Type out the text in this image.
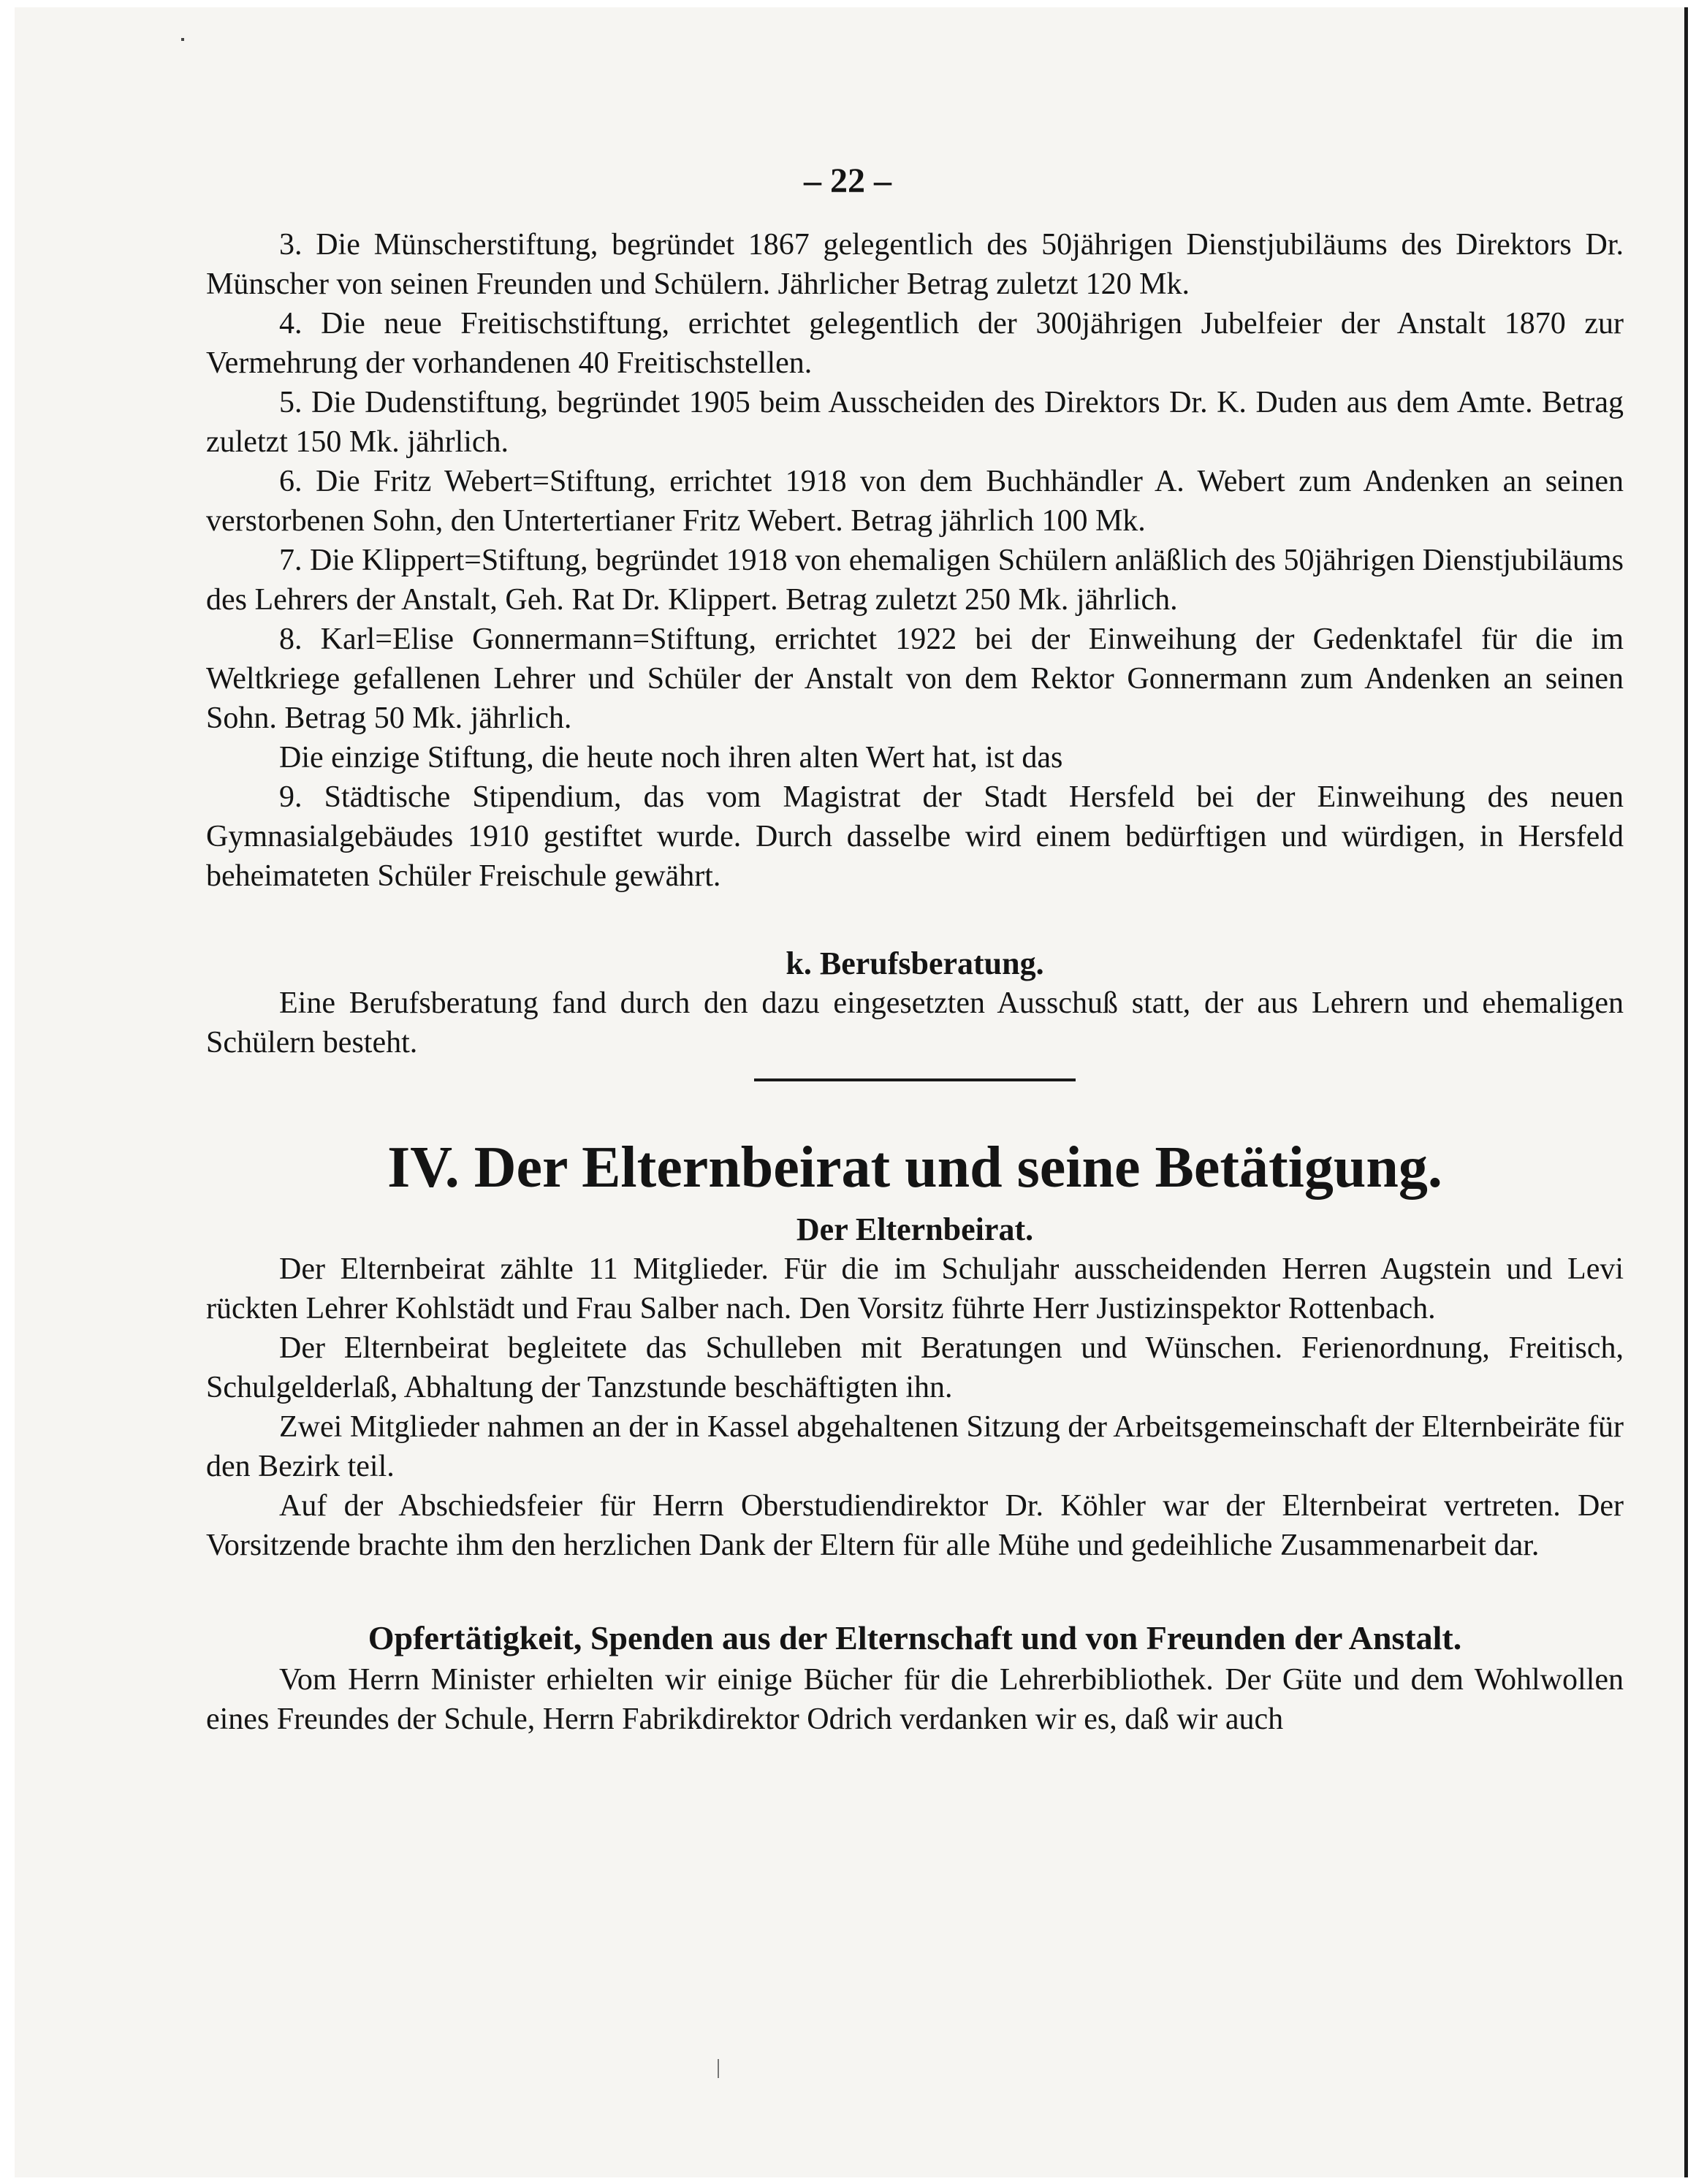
– 22 –

3. Die Münscherstiftung, begründet 1867 gelegentlich des 50jährigen Dienstjubiläums des Direktors Dr. Münscher von seinen Freunden und Schülern. Jährlicher Betrag zuletzt 120 Mk.

4. Die neue Freitischstiftung, errichtet gelegentlich der 300jährigen Jubelfeier der Anstalt 1870 zur Vermehrung der vorhandenen 40 Freitischstellen.

5. Die Dudenstiftung, begründet 1905 beim Ausscheiden des Direktors Dr. K. Duden aus dem Amte. Betrag zuletzt 150 Mk. jährlich.

6. Die Fritz Webert=Stiftung, errichtet 1918 von dem Buchhändler A. Webert zum Andenken an seinen verstorbenen Sohn, den Untertertianer Fritz Webert. Betrag jährlich 100 Mk.

7. Die Klippert=Stiftung, begründet 1918 von ehemaligen Schülern anläßlich des 50jährigen Dienstjubiläums des Lehrers der Anstalt, Geh. Rat Dr. Klippert. Betrag zuletzt 250 Mk. jährlich.

8. Karl=Elise Gonnermann=Stiftung, errichtet 1922 bei der Einweihung der Gedenktafel für die im Weltkriege gefallenen Lehrer und Schüler der Anstalt von dem Rektor Gonnermann zum Andenken an seinen Sohn. Betrag 50 Mk. jährlich.

Die einzige Stiftung, die heute noch ihren alten Wert hat, ist das

9. Städtische Stipendium, das vom Magistrat der Stadt Hersfeld bei der Einweihung des neuen Gymnasialgebäudes 1910 gestiftet wurde. Durch dasselbe wird einem bedürftigen und würdigen, in Hersfeld beheimateten Schüler Freischule gewährt.

k. Berufsberatung.

Eine Berufsberatung fand durch den dazu eingesetzten Ausschuß statt, der aus Lehrern und ehemaligen Schülern besteht.

IV. Der Elternbeirat und seine Betätigung.

Der Elternbeirat.

Der Elternbeirat zählte 11 Mitglieder. Für die im Schuljahr ausscheidenden Herren Augstein und Levi rückten Lehrer Kohlstädt und Frau Salber nach. Den Vorsitz führte Herr Justizinspektor Rottenbach.

Der Elternbeirat begleitete das Schulleben mit Beratungen und Wünschen. Ferienordnung, Freitisch, Schulgelderlaß, Abhaltung der Tanzstunde beschäftigten ihn.

Zwei Mitglieder nahmen an der in Kassel abgehaltenen Sitzung der Arbeitsgemeinschaft der Elternbeiräte für den Bezirk teil.

Auf der Abschiedsfeier für Herrn Oberstudiendirektor Dr. Köhler war der Elternbeirat vertreten. Der Vorsitzende brachte ihm den herzlichen Dank der Eltern für alle Mühe und gedeihliche Zusammenarbeit dar.

Opfertätigkeit, Spenden aus der Elternschaft und von Freunden der Anstalt.

Vom Herrn Minister erhielten wir einige Bücher für die Lehrerbibliothek. Der Güte und dem Wohlwollen eines Freundes der Schule, Herrn Fabrikdirektor Odrich verdanken wir es, daß wir auch
